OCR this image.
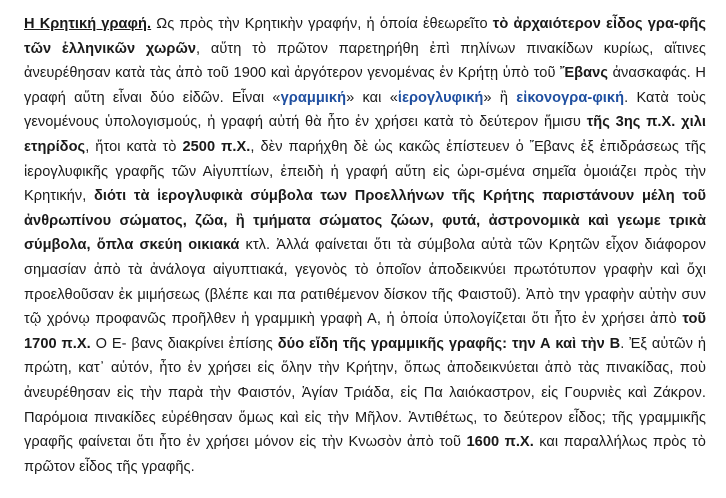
Η Κρητική γραφή. Ως πρὸς τὴν Κρητικὴν γραφήν, ἡ ὁποία ἐθεωρεῖτο τὸ ἀρχαιότερον εἶδος γρα-φῆς τῶν ἑλληνικῶν χωρῶν, αὕτη τὸ πρῶτον παρετηρήθη ἐπὶ πηλίνων πινακίδων κυρίως, αἵτινες ἀνευρέθησαν κατὰ τὰς ἀπὸ τοῦ 1900 καὶ ἀργότερον γενομένας ἐν Κρήτῃ ὑπὸ τοῦ Ἔβανς ἀνασκαφάς. Η γραφή αὕτη εἶναι δύο εἰδῶν. Εἶναι «γραμμική» και «ἱερογλυφική» ἢ εἰκονογρα-φική. Κατὰ τοὺς γενομένους ὑπολογισμούς, ἡ γραφή αὐτή θὰ ἦτο ἐν χρήσει κατὰ τὸ δεύτερον ἥμισυ τῆς 3ης π.Χ. χιλι ετηρίδος, ἤτοι κατὰ τὸ 2500 π.Χ., δὲν παρήχθη δὲ ὡς κακῶς ἐπίστευεν ὁ Ἔβανς ἐξ ἐπιδράσεως τῆς ἱερογλυφικῆς γραφῆς τῶν Αἰγυπτίων, ἐπειδὴ ἡ γραφή αὕτη εἰς ὡρι-σμένα σημεῖα ὁμοιάζει πρὸς τὴν Κρητικήν, διότι τὰ ἱερογλυφικὰ σύμβολα των Προελλήνων τῆς Κρήτης παριστάνουν μέλη τοῦ ἀνθρωπίνου σώματος, ζῶα, ἢ τμήματα σώματος ζώων, φυτά, ἀστρονομικὰ καὶ γεωμε τρικὰ σύμβολα, ὅπλα σκεύη οικιακά κτλ. Ἀλλά φαίνεται ὅτι τὰ σύμβολα αὐτὰ τῶν Κρητῶν εἶχον διάφορον σημασίαν ἀπὸ τὰ ἀνάλογα αἰγυπτιακά, γεγονὸς τὸ ὁποῖον ἀποδεικνύει πρωτότυπον γραφὴν καὶ ὄχι προελθοῦσαν ἐκ μιμήσεως (βλέπε και πα ρατιθέμενον δίσκον τῆς Φαιστοῦ). Ἀπὸ την γραφὴν αὐτὴν συν τῷ χρόνῳ προφανῶς προῆλθεν ἡ γραμμικὴ γραφὴ Α, ἡ ὁποία ὑπολογίζεται ὅτι ἦτο ἐν χρήσει ἀπὸ τοῦ 1700 π.Χ. Ο Ε- βανς διακρίνει ἐπίσης δύο εἴδη τῆς γραμμικῆς γραφῆς: την Α καὶ τὴν Β. Ἐξ αὐτῶν ἡ πρώτη, κατ᾽ αὐτόν, ἦτο ἐν χρήσει εἰς ὅλην τὴν Κρήτην, ὅπως ἀποδεικνύεται ἀπὸ τὰς πινακίδας, ποὺ ἀνευρέθησαν εἰς τὴν παρὰ τὴν Φαιστόν, Ἁγίαν Τριάδα, εἰς Πα λαιόκαστρον, εἰς Γουρνιὲς καὶ Ζάκρον. Παρόμοια πινακίδες εὑρέθησαν ὅμως καὶ εἰς τὴν Μῆλον. Ἀντιθέτως, τo δεύτερον εἶδος; τῆς γραμμικῆς γραφῆς φαίνεται ὅτι ἦτο ἐν χρήσει μόνον εἰς τὴν Κνωσὸν ἀπὸ τοῦ 1600 π.Χ. και παραλλήλως πρὸς τὸ πρῶτον εἶδος τῆς γραφῆς.
